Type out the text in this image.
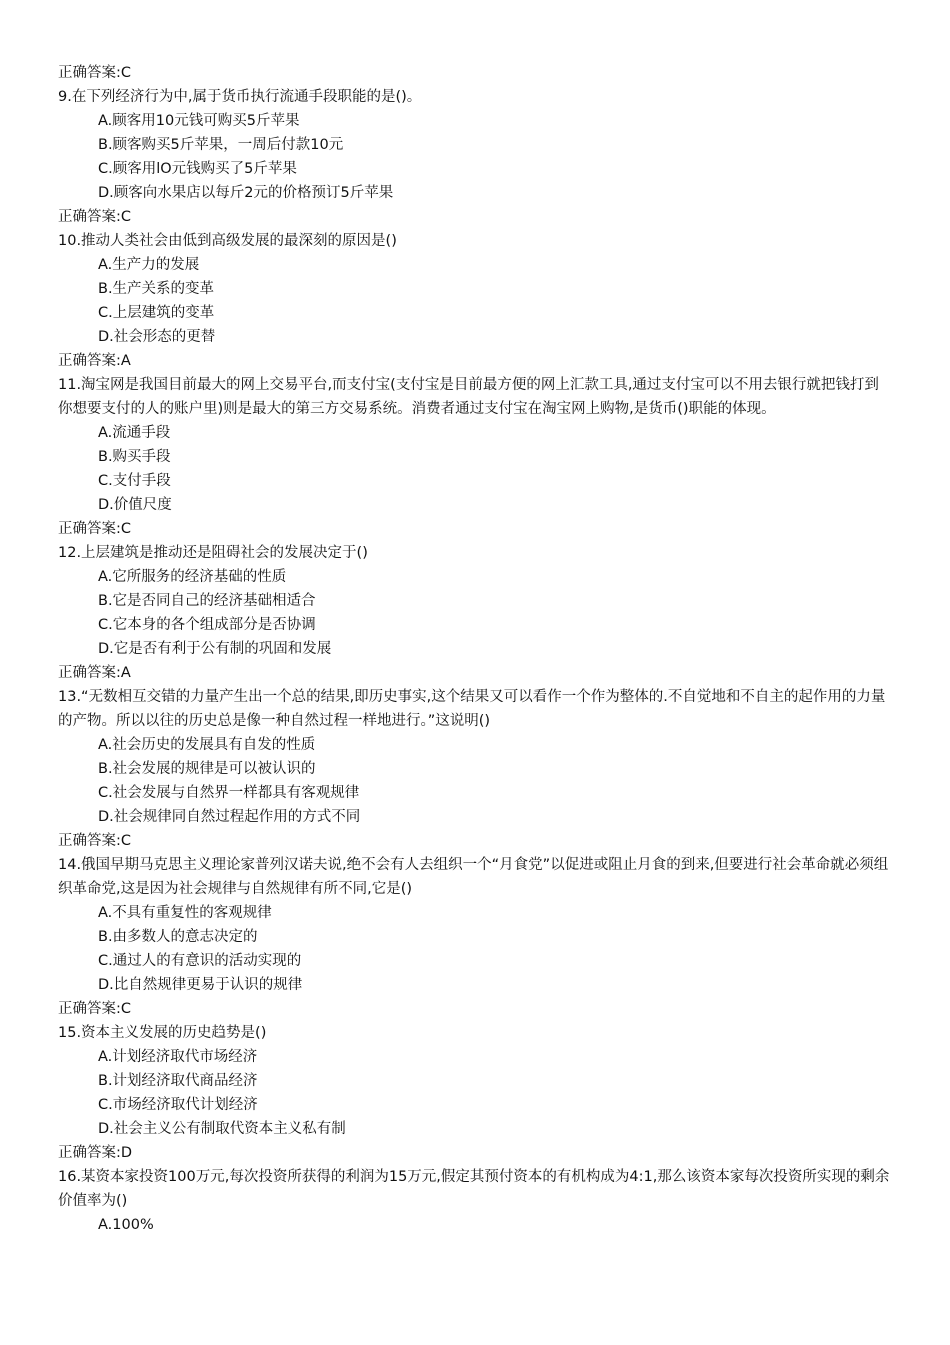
正确答案:C
9.在下列经济行为中,属于货币执行流通手段职能的是()。
A.顾客用10元钱可购买5斤苹果
B.顾客购买5斤苹果，一周后付款10元
C.顾客用lO元钱购买了5斤苹果
D.顾客向水果店以每斤2元的价格预订5斤苹果
正确答案:C
10.推动人类社会由低到高级发展的最深刻的原因是()
A.生产力的发展
B.生产关系的变革
C.上层建筑的变革
D.社会形态的更替
正确答案:A
11.淘宝网是我国目前最大的网上交易平台,而支付宝(支付宝是目前最方便的网上汇款工具,通过支付宝可以不用去银行就把钱打到你想要支付的人的账户里)则是最大的第三方交易系统。消费者通过支付宝在淘宝网上购物,是货币()职能的体现。
A.流通手段
B.购买手段
C.支付手段
D.价值尺度
正确答案:C
12.上层建筑是推动还是阻碍社会的发展决定于()
A.它所服务的经济基础的性质
B.它是否同自己的经济基础相适合
C.它本身的各个组成部分是否协调
D.它是否有利于公有制的巩固和发展
正确答案:A
13.“无数相互交错的力量产生出一个总的结果,即历史事实,这个结果又可以看作一个作为整体的.不自觉地和不自主的起作用的力量的产物。所以以往的历史总是像一种自然过程一样地进行。”这说明()
A.社会历史的发展具有自发的性质
B.社会发展的规律是可以被认识的
C.社会发展与自然界一样都具有客观规律
D.社会规律同自然过程起作用的方式不同
正确答案:C
14.俄国早期马克思主义理论家普列汉诺夫说,绝不会有人去组织一个“月食党”以促进或阻止月食的到来,但要进行社会革命就必须组织革命党,这是因为社会规律与自然规律有所不同,它是()
A.不具有重复性的客观规律
B.由多数人的意志决定的
C.通过人的有意识的活动实现的
D.比自然规律更易于认识的规律
正确答案:C
15.资本主义发展的历史趋势是()
A.计划经济取代市场经济
B.计划经济取代商品经济
C.市场经济取代计划经济
D.社会主义公有制取代资本主义私有制
正确答案:D
16.某资本家投资100万元,每次投资所获得的利润为15万元,假定其预付资本的有机构成为4:1,那么该资本家每次投资所实现的剩余价值率为()
A.100%
